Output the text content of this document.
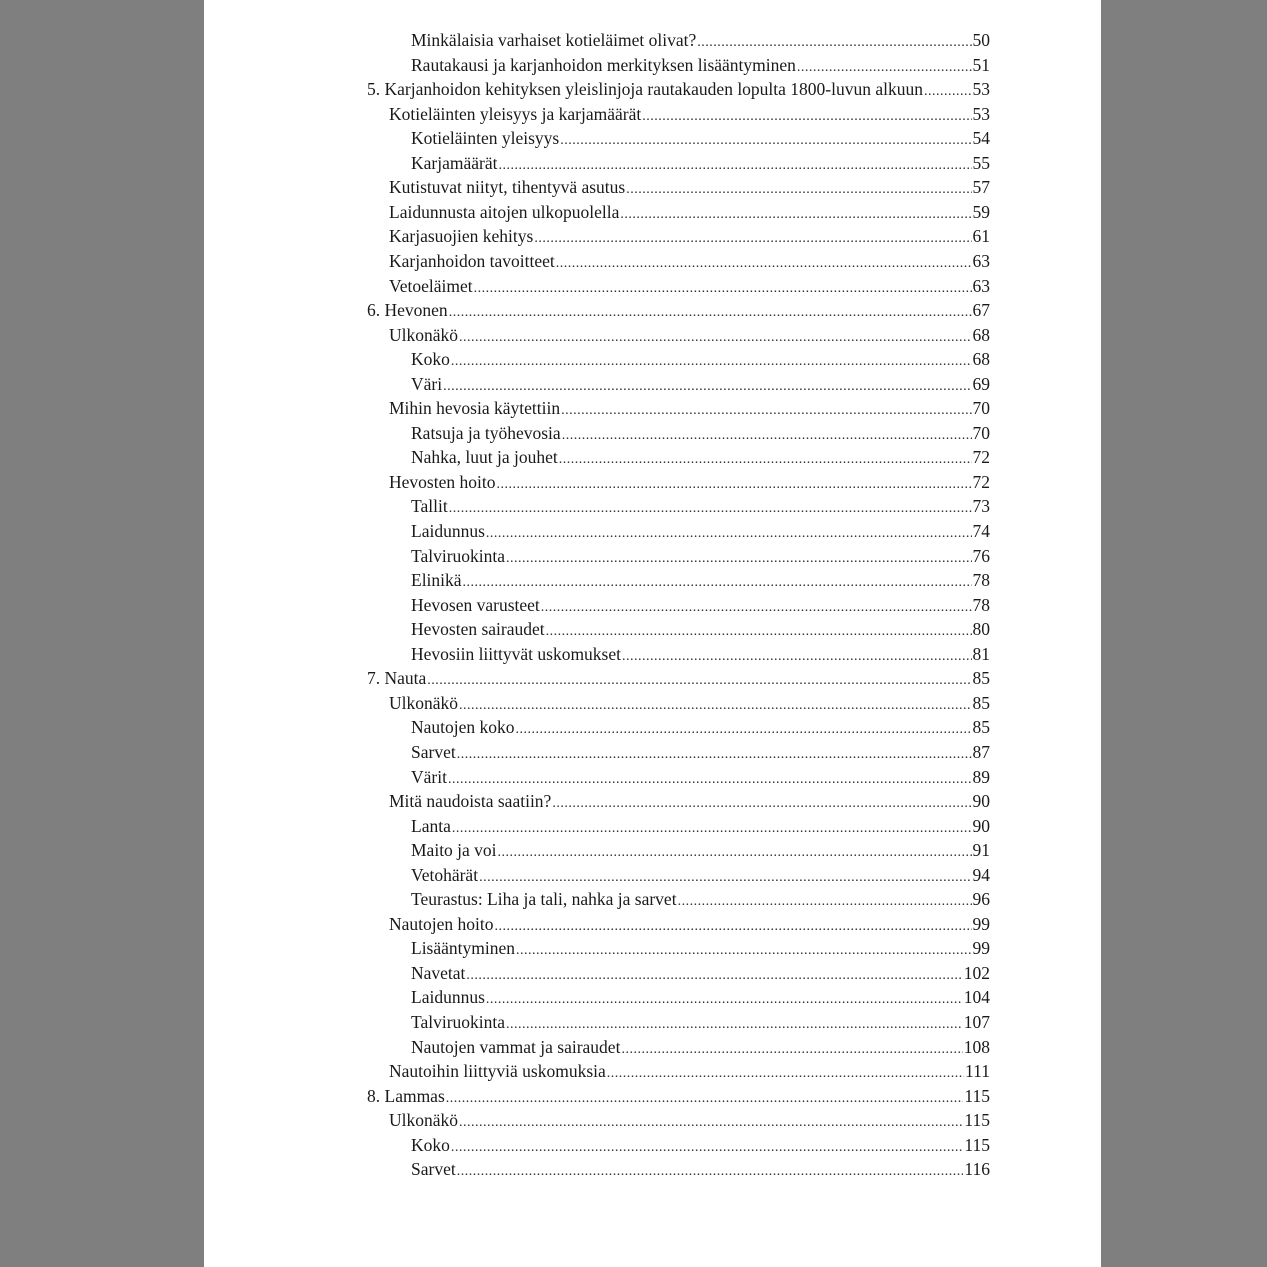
Minkälaisia varhaiset kotieläimet olivat? .....	50
Rautakausi ja karjanhoidon merkityksen lisääntyminen .....	51
5. Karjanhoidon kehityksen yleislinjoja rautakauden lopulta 1800-luvun alkuun .....	53
Kotieläinten yleisyys ja karjamäärät .....	53
Kotieläinten yleisyys .....	54
Karjamäärät .....	55
Kutistuvat niityt, tihentyvä asutus .....	57
Laidunnusta aitojen ulkopuolella .....	59
Karjasuojien kehitys .....	61
Karjanhoidon tavoitteet .....	63
Vetoeläimet .....	63
6. Hevonen .....	67
Ulkonäkö .....	68
Koko .....	68
Väri .....	69
Mihin hevosia käytettiin .....	70
Ratsuja ja työhevosia .....	70
Nahka, luut ja jouhet .....	72
Hevosten hoito .....	72
Tallit .....	73
Laidunnus .....	74
Talviruokinta .....	76
Elinikä .....	78
Hevosen varusteet .....	78
Hevosten sairaudet .....	80
Hevosiin liittyvät uskomukset .....	81
7. Nauta .....	85
Ulkonäkö .....	85
Nautojen koko .....	85
Sarvet .....	87
Värit .....	89
Mitä naudoista saatiin? .....	90
Lanta .....	90
Maito ja voi .....	91
Vetohärät .....	94
Teurastus: Liha ja tali, nahka ja sarvet .....	96
Nautojen hoito .....	99
Lisääntyminen .....	99
Navetat .....	102
Laidunnus .....	104
Talviruokinta .....	107
Nautojen vammat ja sairaudet .....	108
Nautoihin liittyviä uskomuksia .....	111
8. Lammas .....	115
Ulkonäkö .....	115
Koko .....	115
Sarvet .....	116
